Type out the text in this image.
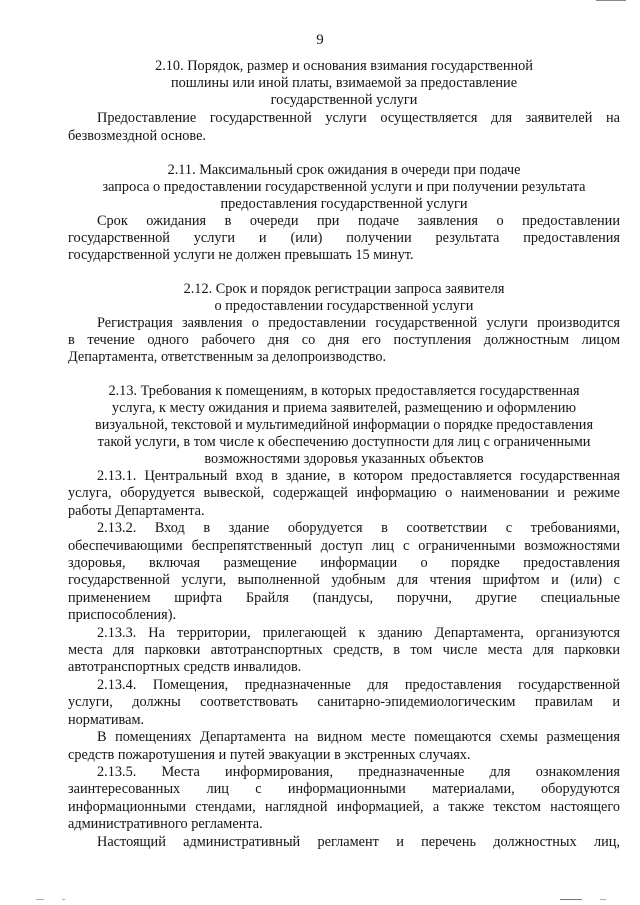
9
2.10. Порядок, размер и основания взимания государственной
пошлины или иной платы, взимаемой за предоставление
государственной услуги
Предоставление государственной услуги осуществляется для заявителей на
безвозмездной основе.
2.11. Максимальный срок ожидания в очереди при подаче
запроса о предоставлении государственной услуги и при получении результата
предоставления государственной услуги
Срок ожидания в очереди при подаче заявления о предоставлении
государственной услуги и (или) получении результата предоставления
государственной услуги не должен превышать 15 минут.
2.12. Срок и порядок регистрации запроса заявителя
о предоставлении государственной услуги
Регистрация заявления о предоставлении государственной услуги производится
в течение одного рабочего дня со дня его поступления должностным лицом
Департамента, ответственным за делопроизводство.
2.13. Требования к помещениям, в которых предоставляется государственная
услуга, к месту ожидания и приема заявителей, размещению и оформлению
визуальной, текстовой и мультимедийной информации о порядке предоставления
такой услуги, в том числе к обеспечению доступности для лиц с ограниченными
возможностями здоровья указанных объектов
2.13.1. Центральный вход в здание, в котором предоставляется государственная
услуга, оборудуется вывеской, содержащей информацию о наименовании и режиме
работы Департамента.
2.13.2. Вход в здание оборудуется в соответствии с требованиями,
обеспечивающими беспрепятственный доступ лиц с ограниченными возможностями
здоровья, включая размещение информации о порядке предоставления
государственной услуги, выполненной удобным для чтения шрифтом и (или) с
применением шрифта Брайля (пандусы, поручни, другие специальные
приспособления).
2.13.3. На территории, прилегающей к зданию Департамента, организуются
места для парковки автотранспортных средств, в том числе места для парковки
автотранспортных средств инвалидов.
2.13.4. Помещения, предназначенные для предоставления государственной
услуги, должны соответствовать санитарно-эпидемиологическим правилам и
нормативам.
В помещениях Департамента на видном месте помещаются схемы размещения
средств пожаротушения и путей эвакуации в экстренных случаях.
2.13.5. Места информирования, предназначенные для ознакомления
заинтересованных лиц с информационными материалами, оборудуются
информационными стендами, наглядной информацией, а также текстом настоящего
административного регламента.
Настоящий административный регламент и перечень должностных лиц,
